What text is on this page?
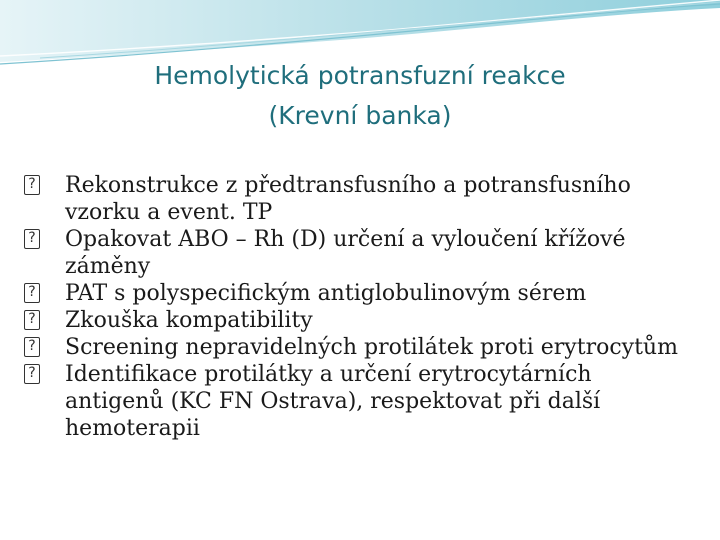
Hemolytická potransfuzní reakce
(Krevní banka)
? Rekonstrukce z předtransfusního a potransfusního vzorku a event. TP
? Opakovat ABO – Rh (D) určení a vyloučení křížové záměny
? PAT s polyspecifickým antiglobulinovým sérem
? Zkouška kompatibility
? Screening nepravidelných protilátek proti erytrocytům
? Identifikace protilátky a určení erytrocytárních antigenů (KC FN Ostrava), respektovat při další hemoterapii
